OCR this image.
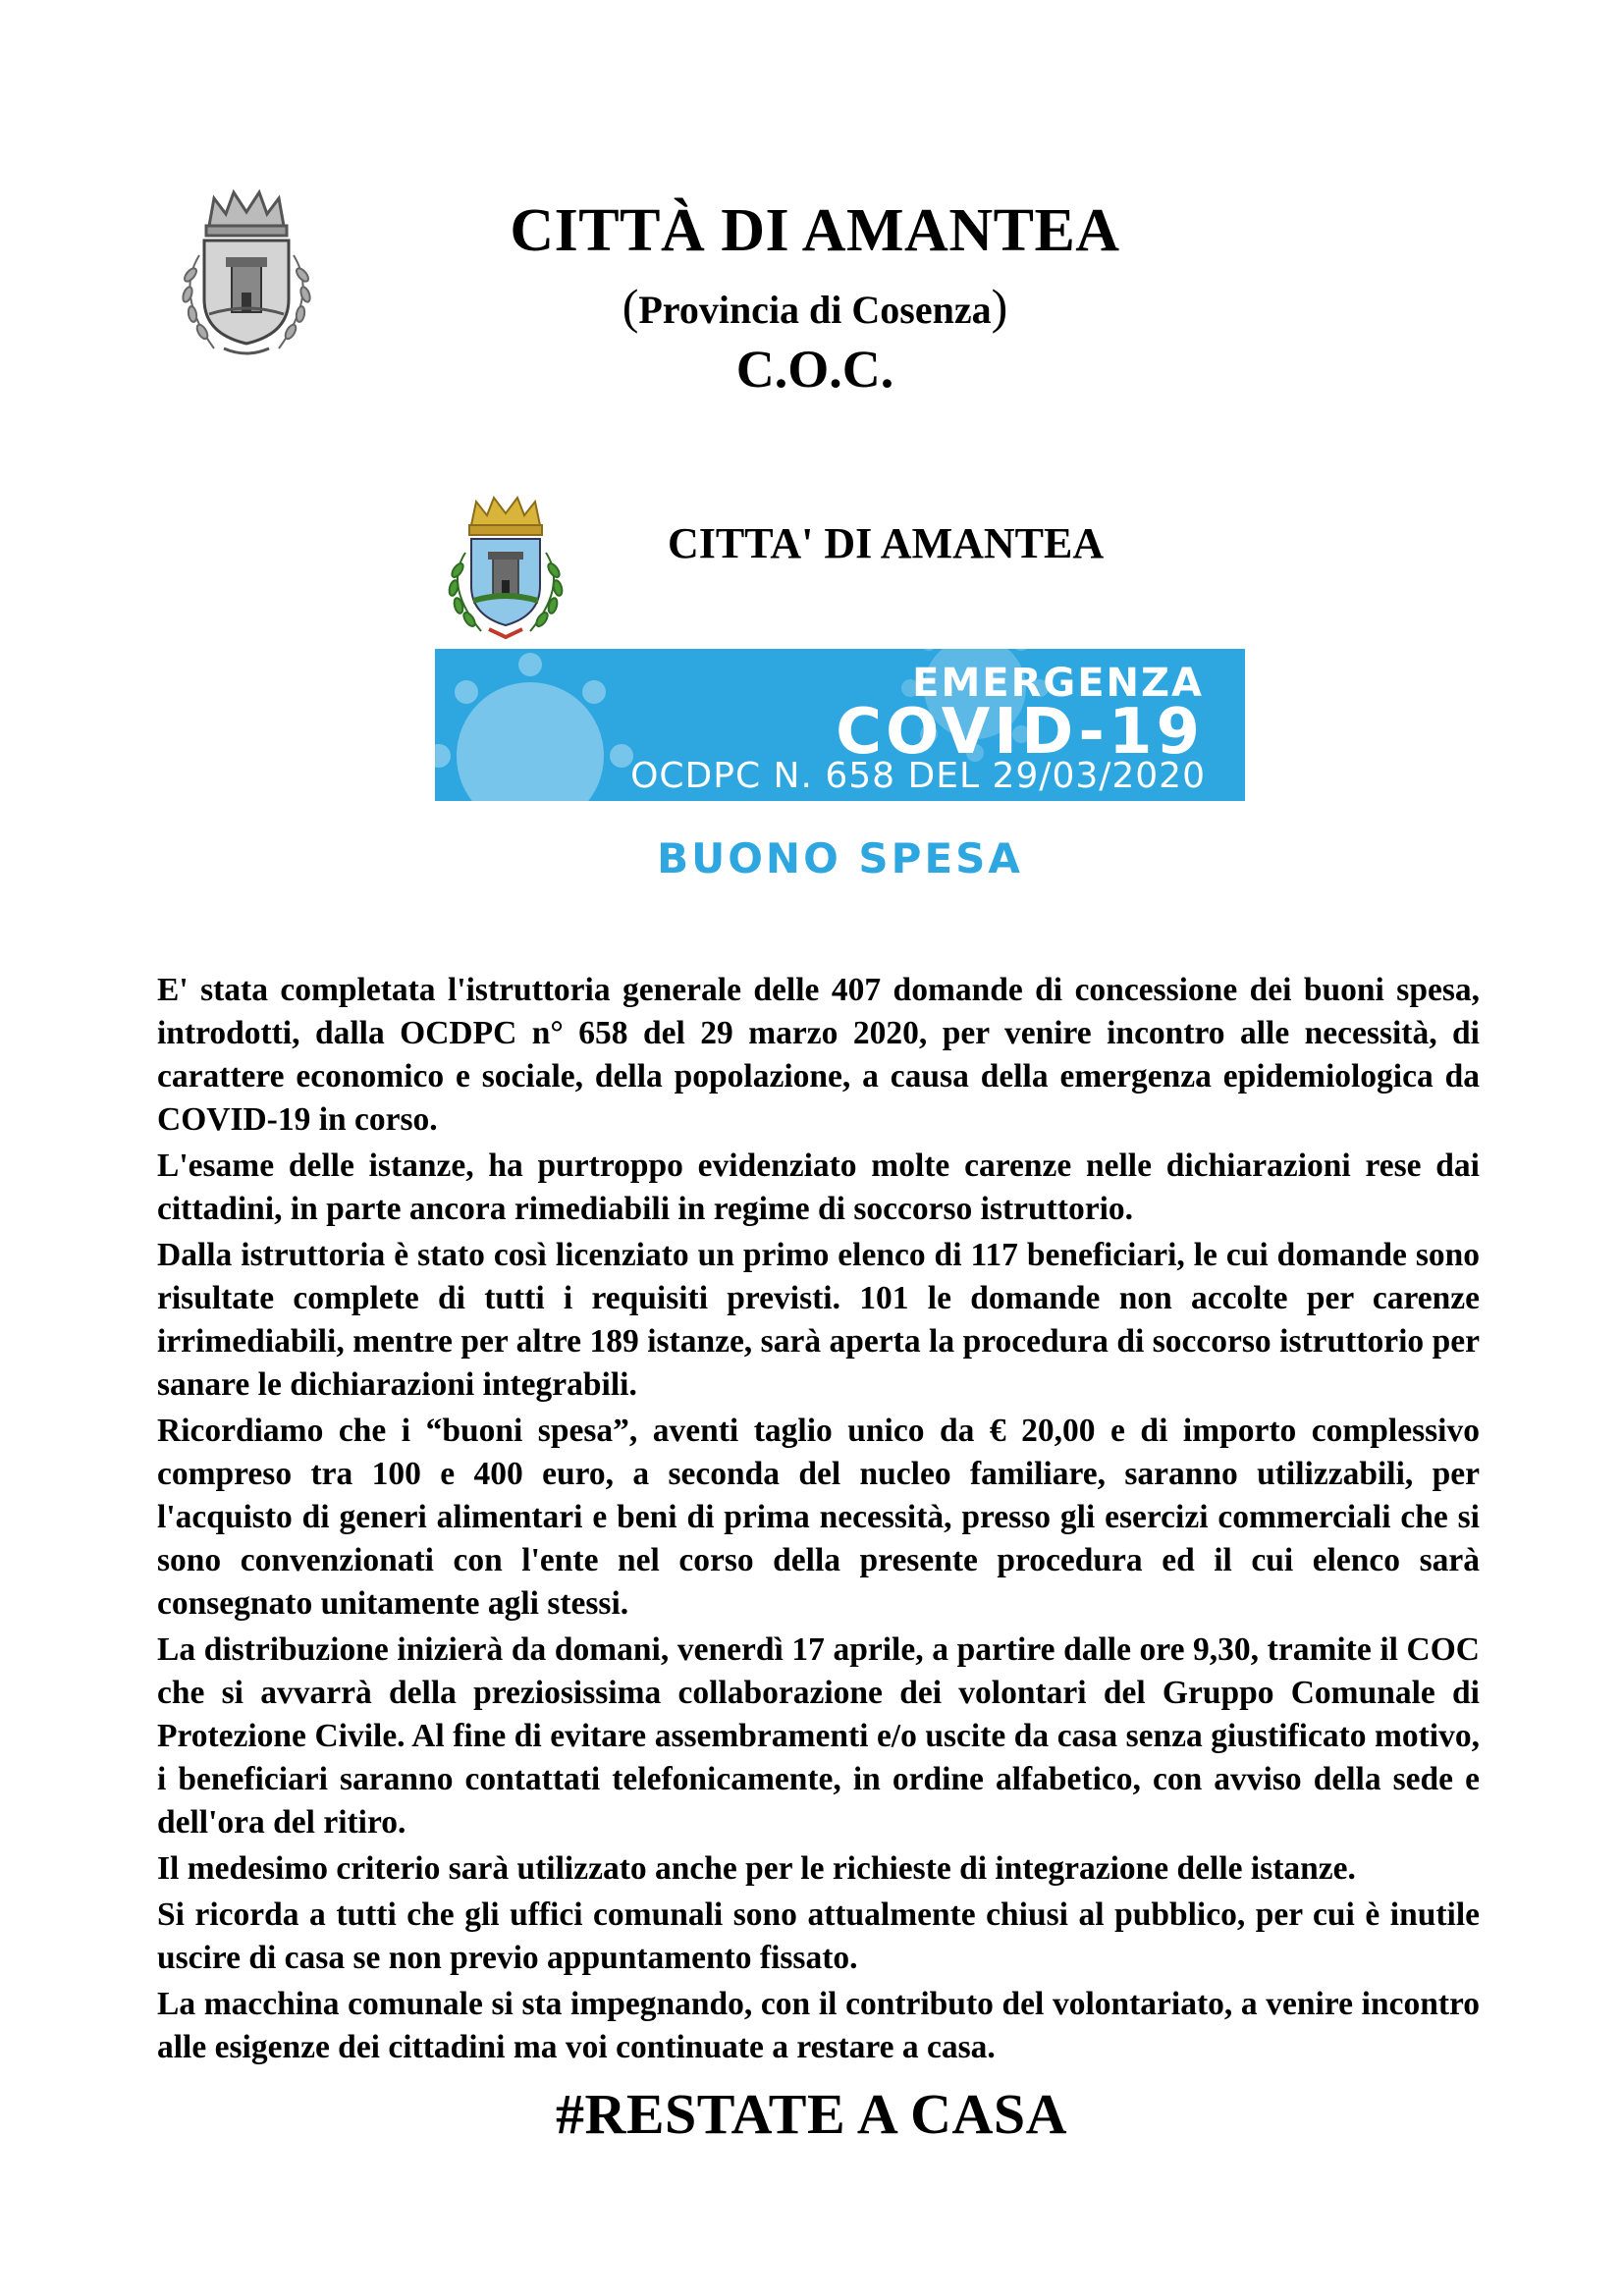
CITTÀ DI AMANTEA
(Provincia di Cosenza)
C.O.C.
CITTA' DI AMANTEA
EMERGENZA
COVID-19
OCDPC N. 658 DEL 29/03/2020
BUONO SPESA

E' stata completata l'istruttoria generale delle 407 domande di concessione dei buoni spesa, introdotti, dalla OCDPC n° 658 del 29 marzo 2020, per venire incontro alle necessità, di carattere economico e sociale, della popolazione, a causa della emergenza epidemiologica da COVID-19 in corso.

L'esame delle istanze, ha purtroppo evidenziato molte carenze nelle dichiarazioni rese dai cittadini, in parte ancora rimediabili in regime di soccorso istruttorio.

Dalla istruttoria è stato così licenziato un primo elenco di 117 beneficiari, le cui domande sono risultate complete di tutti i requisiti previsti. 101 le domande non accolte per carenze irrimediabili, mentre per altre 189 istanze, sarà aperta la procedura di soccorso istruttorio per sanare le dichiarazioni integrabili.

Ricordiamo che i “buoni spesa”, aventi taglio unico da € 20,00 e di importo complessivo compreso tra 100 e 400 euro, a seconda del nucleo familiare, saranno utilizzabili, per l'acquisto di generi alimentari e beni di prima necessità, presso gli esercizi commerciali che si sono convenzionati con l'ente nel corso della presente procedura ed il cui elenco sarà consegnato unitamente agli stessi.

La distribuzione inizierà da domani, venerdì 17 aprile, a partire dalle ore 9,30, tramite il COC che si avvarrà della preziosissima collaborazione dei volontari del Gruppo Comunale di Protezione Civile. Al fine di evitare assembramenti e/o uscite da casa senza giustificato motivo, i beneficiari saranno contattati telefonicamente, in ordine alfabetico, con avviso della sede e dell'ora del ritiro.

Il medesimo criterio sarà utilizzato anche per le richieste di integrazione delle istanze.

Si ricorda a tutti che gli uffici comunali sono attualmente chiusi al pubblico, per cui è inutile uscire di casa se non previo appuntamento fissato.

La macchina comunale si sta impegnando, con il contributo del volontariato, a venire incontro alle esigenze dei cittadini ma voi continuate a restare a casa.

#RESTATE A CASA
